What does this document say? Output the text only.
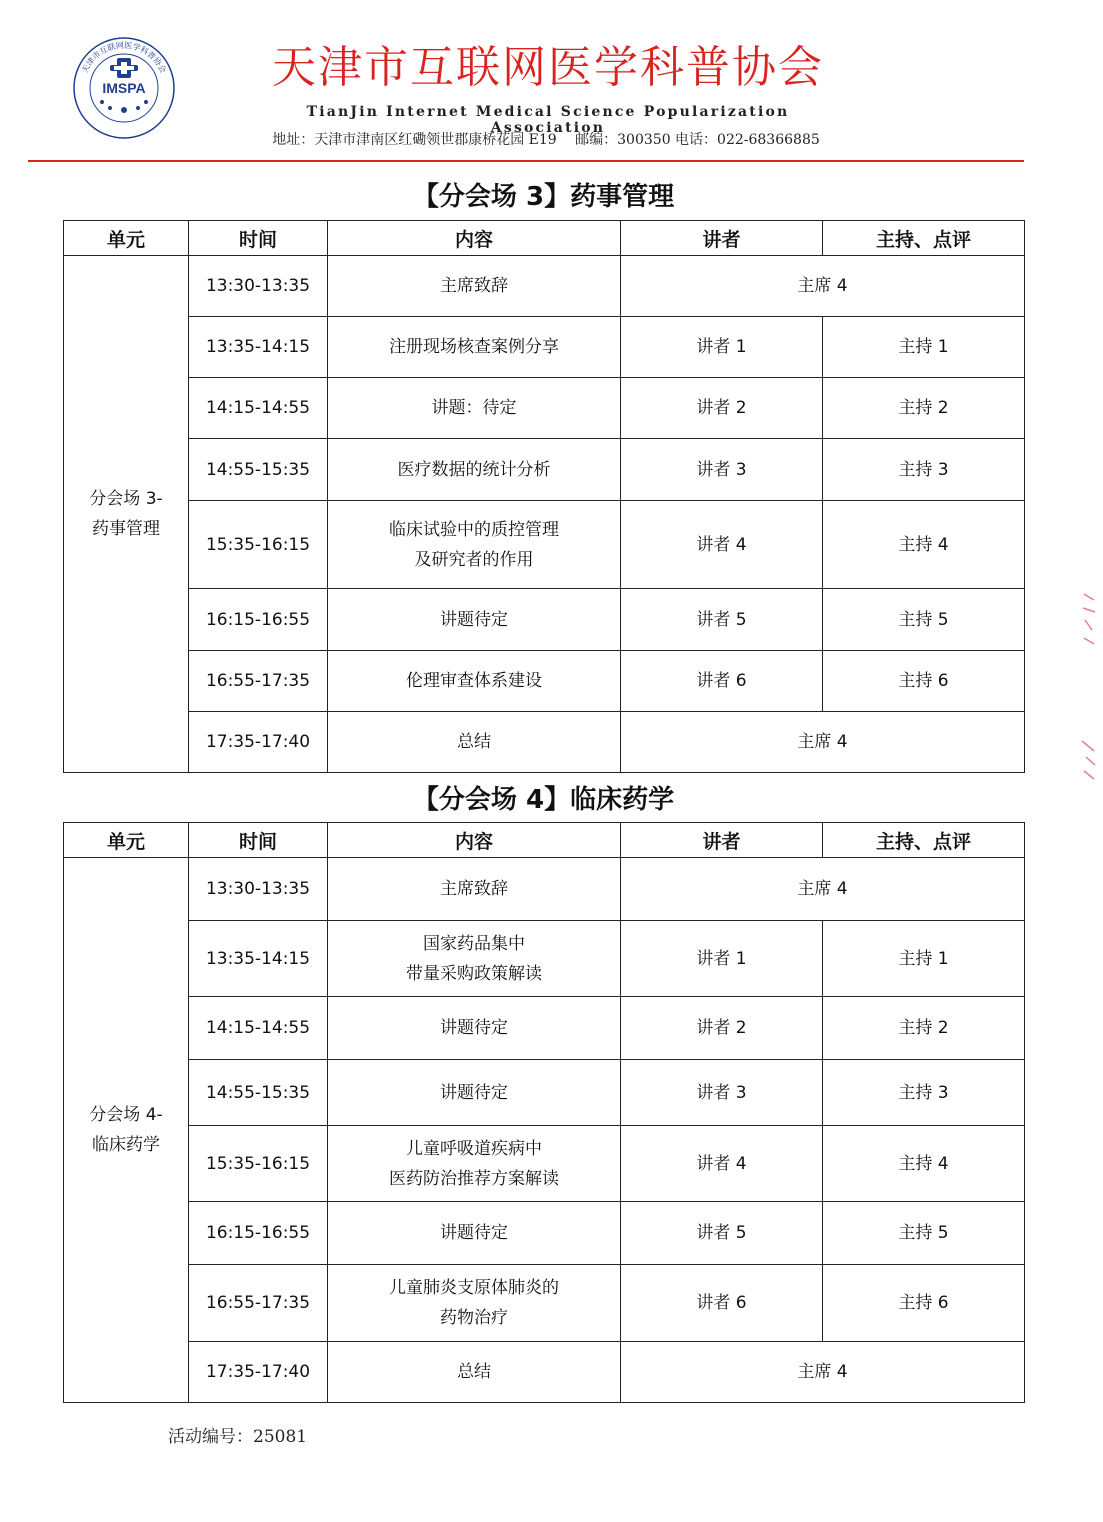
IMSPA
天津市互联网医学科普协会	天津市互联网医学科普协会
TianJin Internet Medical Science Popularization Association
地址：天津市津南区红磡领世郡康桥花园 E19　 邮编：300350 电话：022-68366885
【分会场 3】药事管理
单元	时间	内容	讲者	主持、点评

分会场 3-
药事管理	13:30-13:35	主席致辞	主席 4	
	13:35-14:15	注册现场核查案例分享	讲者 1	主持 1
	14:15-14:55	讲题：待定	讲者 2	主持 2
	14:55-15:35	医疗数据的统计分析	讲者 3	主持 3
	15:35-16:15	临床试验中的质控管理
及研究者的作用	讲者 4	主持 4
	16:15-16:55	讲题待定	讲者 5	主持 5
	16:55-17:35	伦理审查体系建设	讲者 6	主持 6
	17:35-17:40	总结	主席 4	
【分会场 4】临床药学
单元	时间	内容	讲者	主持、点评

分会场 4-
临床药学	13:30-13:35	主席致辞	主席 4	
	13:35-14:15	国家药品集中
带量采购政策解读	讲者 1	主持 1
	14:15-14:55	讲题待定	讲者 2	主持 2
	14:55-15:35	讲题待定	讲者 3	主持 3
	15:35-16:15	儿童呼吸道疾病中
医药防治推荐方案解读	讲者 4	主持 4
	16:15-16:55	讲题待定	讲者 5	主持 5
	16:55-17:35	儿童肺炎支原体肺炎的
药物治疗	讲者 6	主持 6
	17:35-17:40	总结	主席 4	
活动编号：25081
